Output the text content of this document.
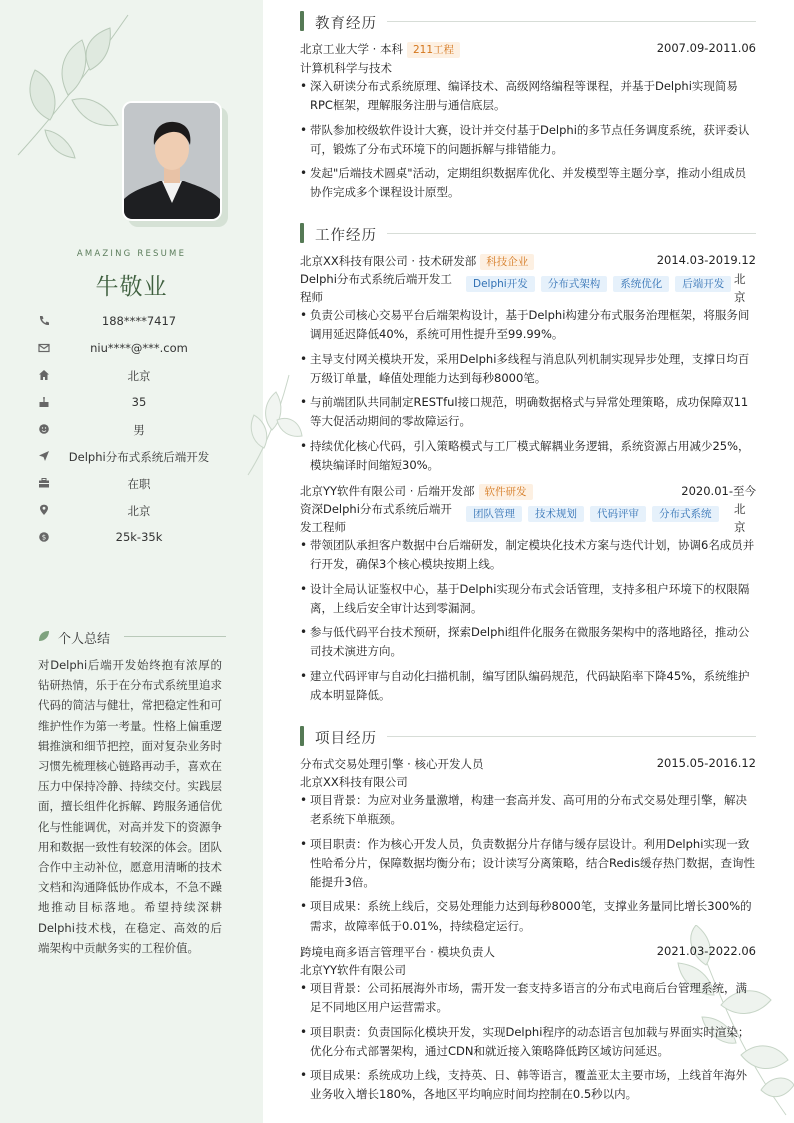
AMAZING RESUME
牛敬业
188****7417
niu****@***.com
北京
35
男
Delphi分布式系统后端开发
在职
北京
$	25k-35k
个人总结
对Delphi后端开发始终抱有浓厚的钻研热情，乐于在分布式系统里追求代码的简洁与健壮，常把稳定性和可维护性作为第一考量。性格上偏重逻辑推演和细节把控，面对复杂业务时习惯先梳理核心链路再动手，喜欢在压力中保持冷静、持续交付。实践层面，擅长组件化拆解、跨服务通信优化与性能调优，对高并发下的资源争用和数据一致性有较深的体会。团队合作中主动补位，愿意用清晰的技术文档和沟通降低协作成本，不急不躁地推动目标落地。希望持续深耕Delphi技术栈，在稳定、高效的后端架构中贡献务实的工程价值。
教育经历
北京工业大学 · 本科 211工程	2007.09-2011.06
计算机科学与技术
• 深入研读分布式系统原理、编译技术、高级网络编程等课程，并基于Delphi实现简易RPC框架，理解服务注册与通信底层。
• 带队参加校级软件设计大赛，设计并交付基于Delphi的多节点任务调度系统，获评委认可，锻炼了分布式环境下的问题拆解与排错能力。
• 发起"后端技术圆桌"活动，定期组织数据库优化、并发模型等主题分享，推动小组成员协作完成多个课程设计原型。
工作经历
北京XX科技有限公司 · 技术研发部 科技企业	2014.03-2019.12
Delphi分布式系统后端开发工程师
Delphi开发 分布式架构 系统优化 后端开发 北京
• 负责公司核心交易平台后端架构设计，基于Delphi构建分布式服务治理框架，将服务间调用延迟降低40%，系统可用性提升至99.99%。
• 主导支付网关模块开发，采用Delphi多线程与消息队列机制实现异步处理，支撑日均百万级订单量，峰值处理能力达到每秒8000笔。
• 与前端团队共同制定RESTful接口规范，明确数据格式与异常处理策略，成功保障双11等大促活动期间的零故障运行。
• 持续优化核心代码，引入策略模式与工厂模式解耦业务逻辑，系统资源占用减少25%，模块编译时间缩短30%。
北京YY软件有限公司 · 后端开发部 软件研发	2020.01-至今
资深Delphi分布式系统后端开发工程师
团队管理 技术规划 代码评审 分布式系统	北京
• 带领团队承担客户数据中台后端研发，制定模块化技术方案与迭代计划，协调6名成员并行开发，确保3个核心模块按期上线。
• 设计全局认证鉴权中心，基于Delphi实现分布式会话管理，支持多租户环境下的权限隔离，上线后安全审计达到零漏洞。
• 参与低代码平台技术预研，探索Delphi组件化服务在微服务架构中的落地路径，推动公司技术演进方向。
• 建立代码评审与自动化扫描机制，编写团队编码规范，代码缺陷率下降45%，系统维护成本明显降低。
项目经历
分布式交易处理引擎 · 核心开发人员	2015.05-2016.12
北京XX科技有限公司
• 项目背景：为应对业务量激增，构建一套高并发、高可用的分布式交易处理引擎，解决老系统下单瓶颈。
• 项目职责：作为核心开发人员，负责数据分片存储与缓存层设计。利用Delphi实现一致性哈希分片，保障数据均衡分布；设计读写分离策略，结合Redis缓存热门数据，查询性能提升3倍。
• 项目成果：系统上线后，交易处理能力达到每秒8000笔，支撑业务量同比增长300%的需求，故障率低于0.01%，持续稳定运行。
跨境电商多语言管理平台 · 模块负责人	2021.03-2022.06
北京YY软件有限公司
• 项目背景：公司拓展海外市场，需开发一套支持多语言的分布式电商后台管理系统，满足不同地区用户运营需求。
• 项目职责：负责国际化模块开发，实现Delphi程序的动态语言包加载与界面实时渲染；优化分布式部署架构，通过CDN和就近接入策略降低跨区域访问延迟。
• 项目成果：系统成功上线，支持英、日、韩等语言，覆盖亚太主要市场，上线首年海外业务收入增长180%，各地区平均响应时间均控制在0.5秒以内。
